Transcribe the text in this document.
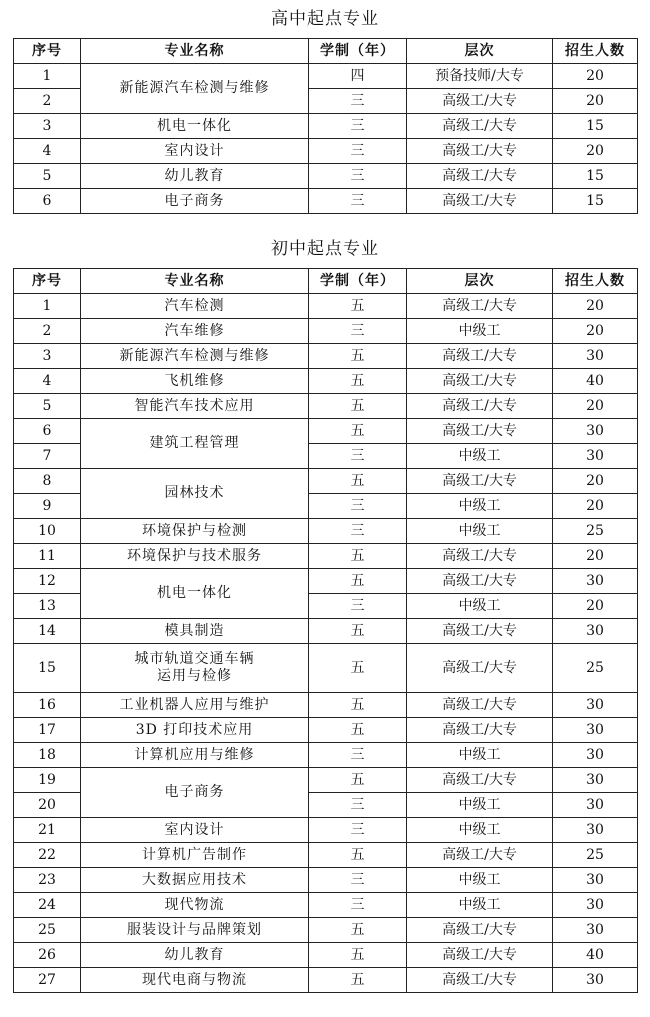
高中起点专业
序号	专业名称	学制（年）	层次	招生人数
1	新能源汽车检测与维修	四	预备技师/大专	20
2		三	高级工/大专	20
3	机电一体化	三	高级工/大专	15
4	室内设计	三	高级工/大专	20
5	幼儿教育	三	高级工/大专	15
6	电子商务	三	高级工/大专	15
初中起点专业
序号	专业名称	学制（年）	层次	招生人数
1	汽车检测	五	高级工/大专	20
2	汽车维修	三	中级工	20
3	新能源汽车检测与维修	五	高级工/大专	30
4	飞机维修	五	高级工/大专	40
5	智能汽车技术应用	五	高级工/大专	20
6	建筑工程管理	五	高级工/大专	30
7		三	中级工	30
8	园林技术	五	高级工/大专	20
9		三	中级工	20
10	环境保护与检测	三	中级工	25
11	环境保护与技术服务	五	高级工/大专	20
12	机电一体化	五	高级工/大专	30
13		三	中级工	20
14	模具制造	五	高级工/大专	30
15	城市轨道交通车辆
运用与检修	五	高级工/大专	25
16	工业机器人应用与维护	五	高级工/大专	30
17	3D 打印技术应用	五	高级工/大专	30
18	计算机应用与维修	三	中级工	30
19	电子商务	五	高级工/大专	30
20		三	中级工	30
21	室内设计	三	中级工	30
22	计算机广告制作	五	高级工/大专	25
23	大数据应用技术	三	中级工	30
24	现代物流	三	中级工	30
25	服装设计与品牌策划	五	高级工/大专	30
26	幼儿教育	五	高级工/大专	40
27	现代电商与物流	五	高级工/大专	30
